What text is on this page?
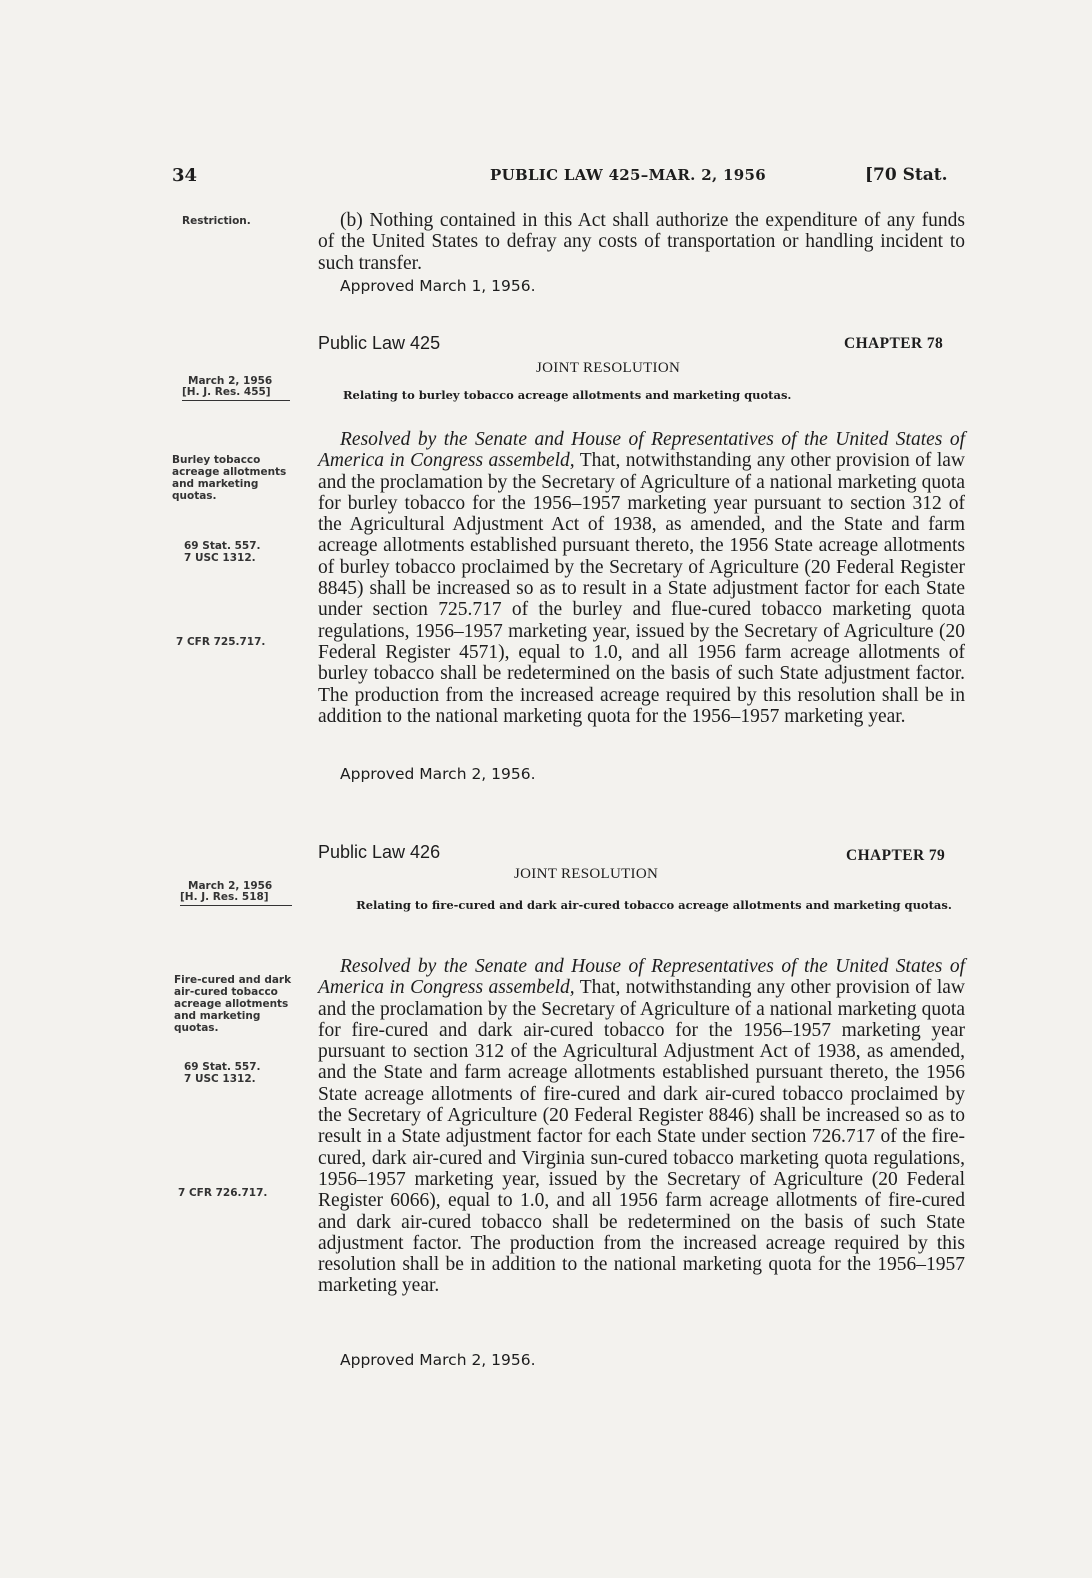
34	PUBLIC LAW 425–MAR. 2, 1956	[70 Stat.
Restriction.	(b) Nothing contained in this Act shall authorize the expenditure of any funds of the United States to defray any costs of transportation or handling incident to such transfer.
Approved March 1, 1956.
Public Law 425	CHAPTER 78
JOINT RESOLUTION
March 2, 1956
[H. J. Res. 455]	Relating to burley tobacco acreage allotments and marketing quotas.
Burley tobacco acreage allotments and marketing quotas.
69 Stat. 557.
7 USC 1312.
7 CFR 725.717.
Resolved by the Senate and House of Representatives of the United States of America in Congress assembeld, That, notwithstanding any other provision of law and the proclamation by the Secretary of Agriculture of a national marketing quota for burley tobacco for the 1956–1957 marketing year pursuant to section 312 of the Agricultural Adjustment Act of 1938, as amended, and the State and farm acreage allotments established pursuant thereto, the 1956 State acreage allotments of burley tobacco proclaimed by the Secretary of Agriculture (20 Federal Register 8845) shall be increased so as to result in a State adjustment factor for each State under section 725.717 of the burley and flue-cured tobacco marketing quota regulations, 1956–1957 marketing year, issued by the Secretary of Agriculture (20 Federal Register 4571), equal to 1.0, and all 1956 farm acreage allotments of burley tobacco shall be redetermined on the basis of such State adjustment factor. The production from the increased acreage required by this resolution shall be in addition to the national marketing quota for the 1956–1957 marketing year.
Approved March 2, 1956.
Public Law 426	CHAPTER 79
JOINT RESOLUTION
March 2, 1956
[H. J. Res. 518]
Relating to fire-cured and dark air-cured tobacco acreage allotments and marketing quotas.
Fire-cured and dark air-cured tobacco acreage allotments and marketing quotas.
69 Stat. 557.
7 USC 1312.
7 CFR 726.717.
Resolved by the Senate and House of Representatives of the United States of America in Congress assembeld, That, notwithstanding any other provision of law and the proclamation by the Secretary of Agriculture of a national marketing quota for fire-cured and dark air-cured tobacco for the 1956–1957 marketing year pursuant to section 312 of the Agricultural Adjustment Act of 1938, as amended, and the State and farm acreage allotments established pursuant thereto, the 1956 State acreage allotments of fire-cured and dark air-cured tobacco proclaimed by the Secretary of Agriculture (20 Federal Register 8846) shall be increased so as to result in a State adjustment factor for each State under section 726.717 of the fire-cured, dark air-cured and Virginia sun-cured tobacco marketing quota regulations, 1956–1957 marketing year, issued by the Secretary of Agriculture (20 Federal Register 6066), equal to 1.0, and all 1956 farm acreage allotments of fire-cured and dark air-cured tobacco shall be redetermined on the basis of such State adjustment factor. The production from the increased acreage required by this resolution shall be in addition to the national marketing quota for the 1956–1957 marketing year.
Approved March 2, 1956.
